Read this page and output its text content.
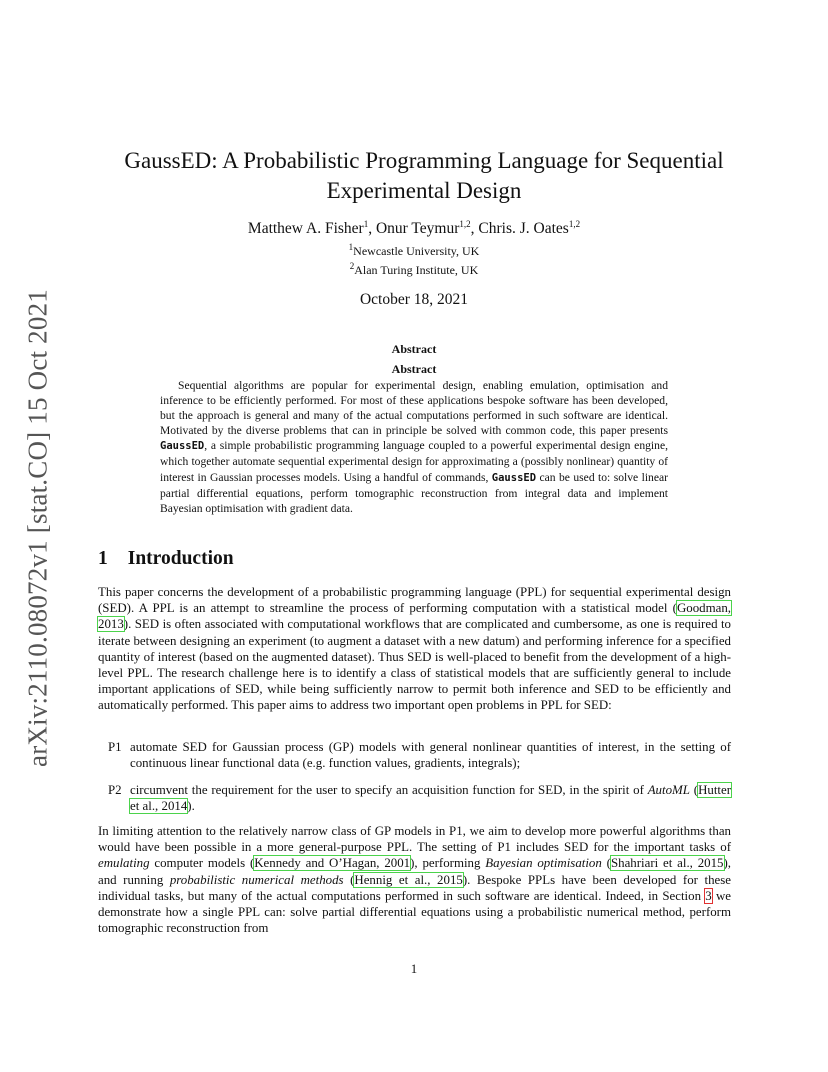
arXiv:2110.08072v1 [stat.CO] 15 Oct 2021
GaussED: A Probabilistic Programming Language for Sequential
Experimental Design
Matthew A. Fisher$^1$, Onur Teymur$^{1,2}$, Chris. J. Oates$^{1,2}$
$^1$Newcastle University, UK
$^2$Alan Turing Institute, UK
October 18, 2021
Abstract
Abstract

Sequential algorithms are popular for experimental design, enabling emulation, optimisation and inference to be efficiently performed. For most of these applications bespoke software has been developed, but the approach is general and many of the actual computations performed in such software are identical. Motivated by the diverse problems that can in principle be solved with common code, this paper presents GaussED, a simple probabilistic programming language coupled to a powerful experimental design engine, which together automate sequential experimental design for approximating a (possibly nonlinear) quantity of interest in Gaussian processes models. Using a handful of commands, GaussED can be used to: solve linear partial differential equations, perform tomographic reconstruction from integral data and implement Bayesian optimisation with gradient data.

1 Introduction

This paper concerns the development of a probabilistic programming language (PPL) for sequential experimental design (SED). A PPL is an attempt to streamline the process of performing computation with a statistical model (Goodman, 2013). SED is often associated with computational workflows that are complicated and cumbersome, as one is required to iterate between designing an experiment (to augment a dataset with a new datum) and performing inference for a specified quantity of interest (based on the augmented dataset). Thus SED is well-placed to benefit from the development of a high-level PPL. The research challenge here is to identify a class of statistical models that are sufficiently general to include important applications of SED, while being sufficiently narrow to permit both inference and SED to be efficiently and automatically performed. This paper aims to address two important open problems in PPL for SED:

P1 automate SED for Gaussian process (GP) models with general nonlinear quantities of interest, in the setting of continuous linear functional data (e.g. function values, gradients, integrals);
P2 circumvent the requirement for the user to specify an acquisition function for SED, in the spirit of AutoML (Hutter et al., 2014).

In limiting attention to the relatively narrow class of GP models in P1, we aim to develop more powerful algorithms than would have been possible in a more general-purpose PPL. The setting of P1 includes SED for the important tasks of emulating computer models (Kennedy and O’Hagan, 2001), performing Bayesian optimisation (Shahriari et al., 2015), and running probabilistic numerical methods (Hennig et al., 2015). Bespoke PPLs have been developed for these individual tasks, but many of the actual computations performed in such software are identical. Indeed, in Section 3 we demonstrate how a single PPL can: solve partial differential equations using a probabilistic numerical method, perform tomographic reconstruction from

1
